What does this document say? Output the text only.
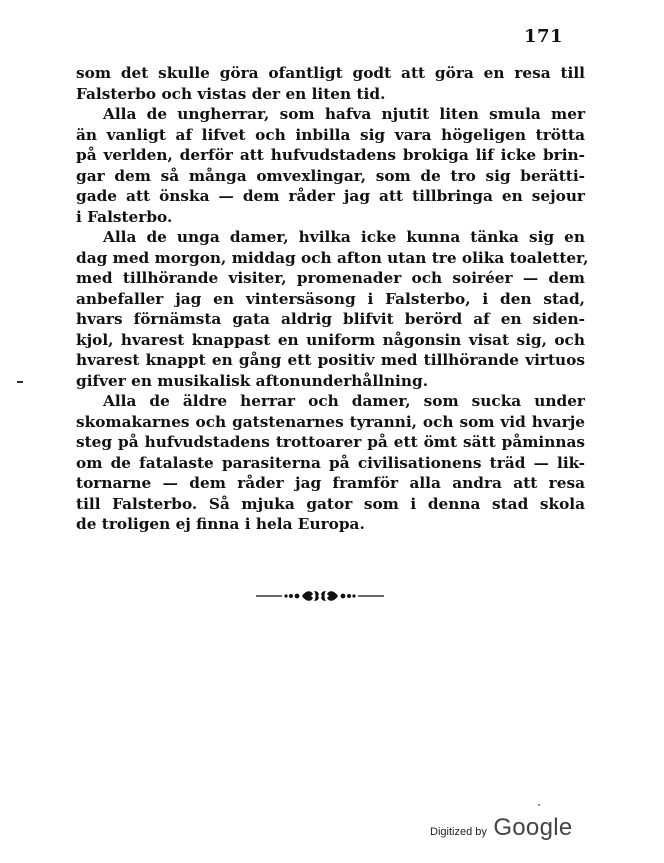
171
som det skulle göra ofantligt godt att göra en resa till
Falsterbo och vistas der en liten tid.
Alla de ungherrar, som hafva njutit liten smula mer
än vanligt af lifvet och inbilla sig vara högeligen trötta
på verlden, derför att hufvudstadens brokiga lif icke brin-
gar dem så många omvexlingar, som de tro sig berätti-
gade att önska — dem råder jag att tillbringa en sejour
i Falsterbo.
Alla de unga damer, hvilka icke kunna tänka sig en
dag med morgon, middag och afton utan tre olika toaletter,
med tillhörande visiter, promenader och soiréer — dem
anbefaller jag en vintersäsong i Falsterbo, i den stad,
hvars förnämsta gata aldrig blifvit berörd af en siden-
kjol, hvarest knappast en uniform någonsin visat sig, och
hvarest knappt en gång ett positiv med tillhörande virtuos
gifver en musikalisk aftonunderhållning.
Alla de äldre herrar och damer, som sucka under
skomakarnes och gatstenarnes tyranni, och som vid hvarje
steg på hufvudstadens trottoarer på ett ömt sätt påminnas
om de fatalaste parasiterna på civilisationens träd — lik-
tornarne — dem råder jag framför alla andra att resa
till Falsterbo. Så mjuka gator som i denna stad skola
de troligen ej finna i hela Europa.
Digitized by Google
